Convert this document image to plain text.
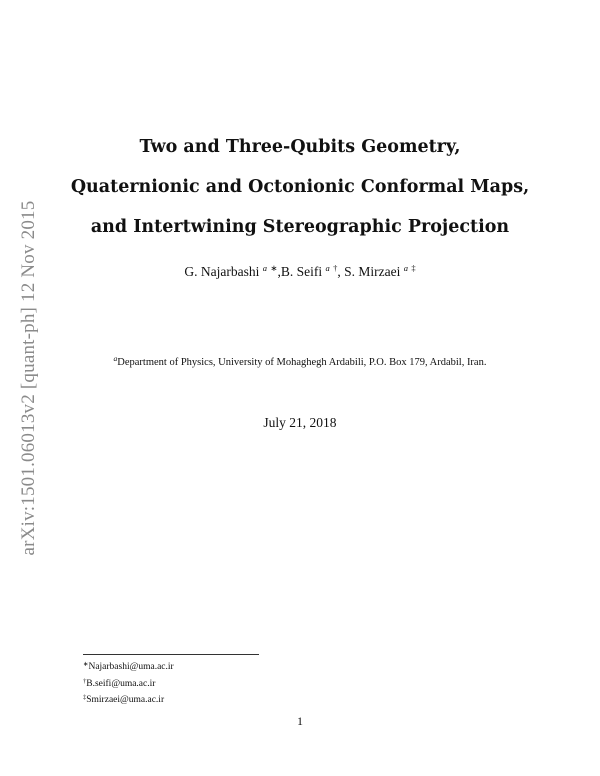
arXiv:1501.06013v2 [quant-ph] 12 Nov 2015

Two and Three-Qubits Geometry,

Quaternionic and Octonionic Conformal Maps,

and Intertwining Stereographic Projection

G. Najarbashi $^a$ ∗,B. Seifi $^a$ †, S. Mirzaei $^a$ ‡
$^a$Department of Physics, University of Mohaghegh Ardabili, P.O. Box 179, Ardabil, Iran.
July 21, 2018
∗Najarbashi@uma.ac.ir
†B.seifi@uma.ac.ir
‡Smirzaei@uma.ac.ir
1
